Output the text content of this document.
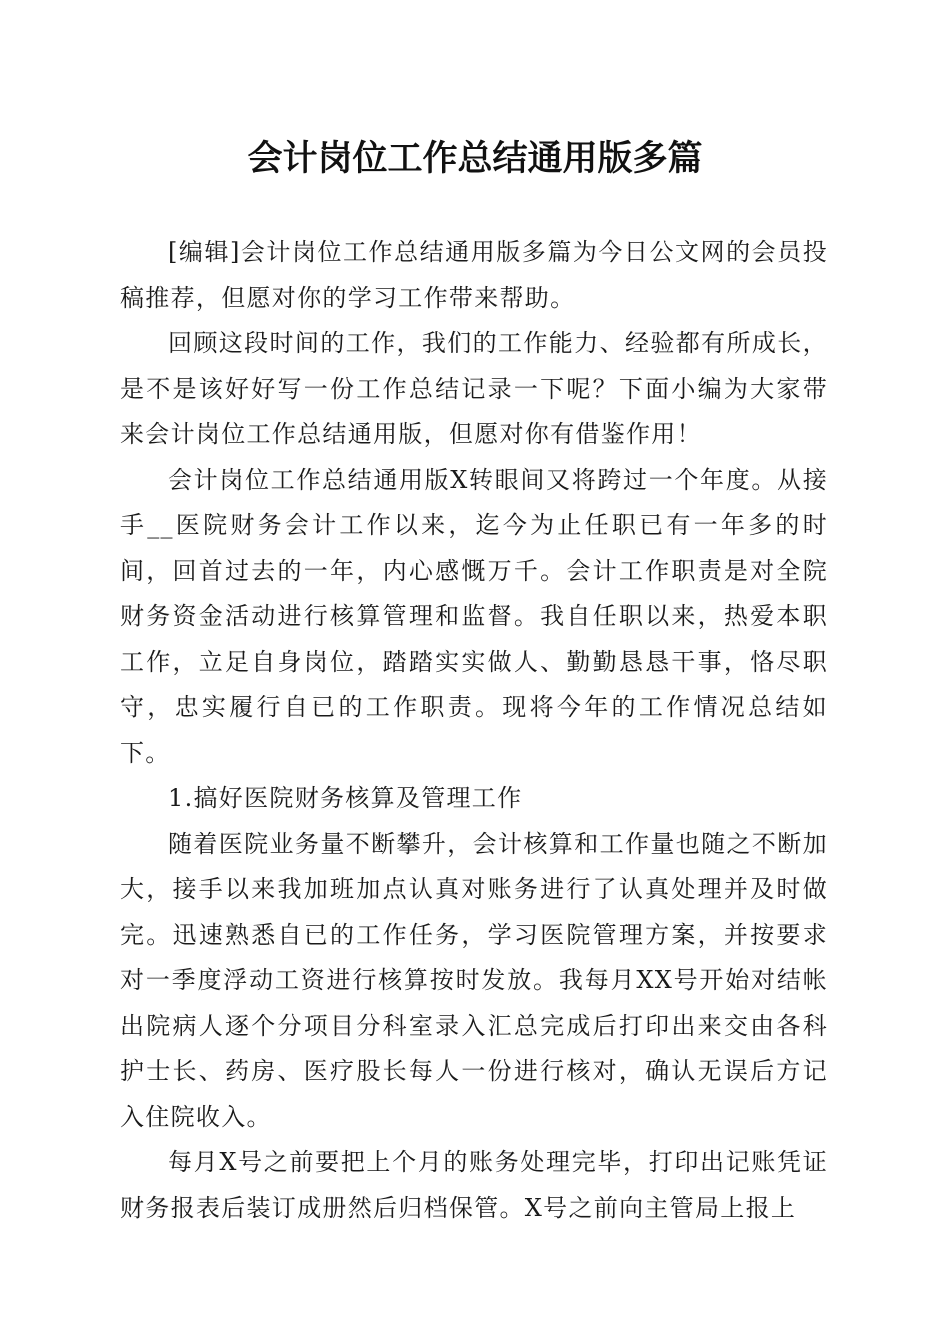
会计岗位工作总结通用版多篇

[编辑]会计岗位工作总结通用版多篇为今日公文网的会员投稿推荐，但愿对你的学习工作带来帮助。

回顾这段时间的工作，我们的工作能力、经验都有所成长，是不是该好好写一份工作总结记录一下呢？下面小编为大家带来会计岗位工作总结通用版，但愿对你有借鉴作用！

会计岗位工作总结通用版X转眼间又将跨过一个年度。从接手__医院财务会计工作以来，迄今为止任职已有一年多的时间，回首过去的一年，内心感慨万千。会计工作职责是对全院财务资金活动进行核算管理和监督。我自任职以来，热爱本职工作，立足自身岗位，踏踏实实做人、勤勤恳恳干事，恪尽职守，忠实履行自已的工作职责。现将今年的工作情况总结如下。

1.搞好医院财务核算及管理工作

随着医院业务量不断攀升，会计核算和工作量也随之不断加大，接手以来我加班加点认真对账务进行了认真处理并及时做完。迅速熟悉自已的工作任务，学习医院管理方案，并按要求对一季度浮动工资进行核算按时发放。我每月XX号开始对结帐出院病人逐个分项目分科室录入汇总完成后打印出来交由各科护士长、药房、医疗股长每人一份进行核对，确认无误后方记入住院收入。

每月X号之前要把上个月的账务处理完毕，打印出记账凭证财务报表后装订成册然后归档保管。X号之前向主管局上报上
